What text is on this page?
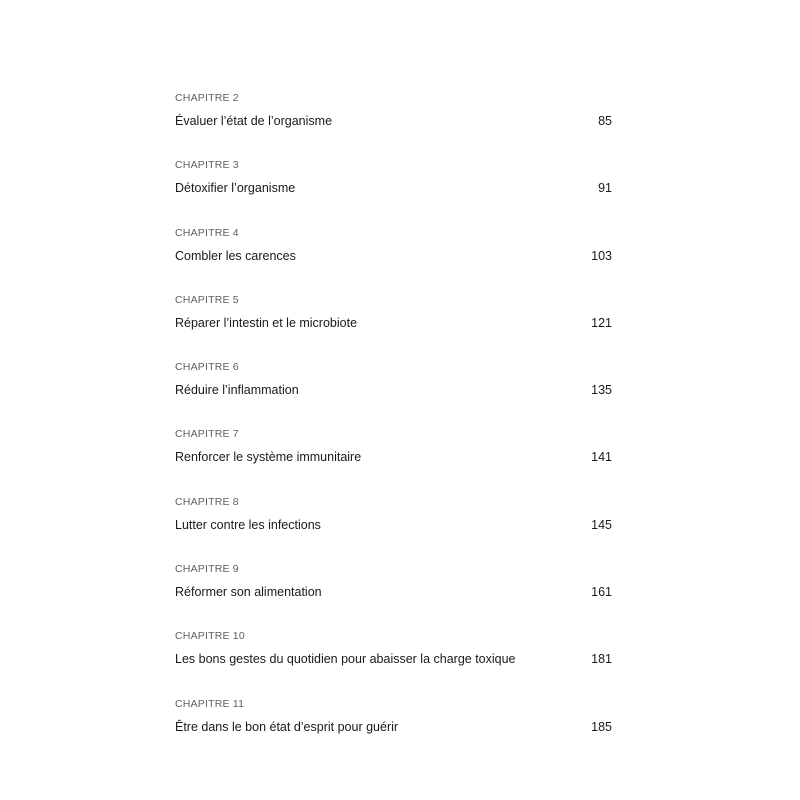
CHAPITRE 2
Évaluer l’état de l’organisme	85
CHAPITRE 3
Détoxifier l’organisme	91
CHAPITRE 4
Combler les carences	103
CHAPITRE 5
Réparer l’intestin et le microbiote	121
CHAPITRE 6
Réduire l’inflammation	135
CHAPITRE 7
Renforcer le système immunitaire	141
CHAPITRE 8
Lutter contre les infections	145
CHAPITRE 9
Réformer son alimentation	161
CHAPITRE 10
Les bons gestes du quotidien pour abaisser la charge toxique	181
CHAPITRE 11
Être dans le bon état d’esprit pour guérir	185
